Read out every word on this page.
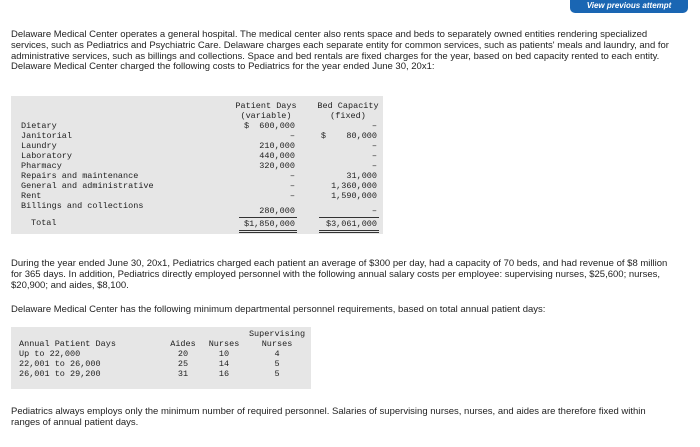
View previous attempt

Delaware Medical Center operates a general hospital. The medical center also rents space and beds to separately owned entities rendering specialized services, such as Pediatrics and Psychiatric Care. Delaware charges each separate entity for common services, such as patients' meals and laundry, and for administrative services, such as billings and collections. Space and bed rentals are fixed charges for the year, based on bed capacity rented to each entity. Delaware Medical Center charged the following costs to Pediatrics for the year ended June 30, 20x1:

Patient Days
(variable)
Bed Capacity
(fixed)
Dietary	$  600,000	–
Janitorial	–	$    80,000
Laundry	210,000	–
Laboratory	440,000	–
Pharmacy	320,000	–
Repairs and maintenance	–	31,000
General and administrative	–	1,360,000
Rent	–	1,590,000
Billings and collections	280,000	–
Total	$1,850,000	$3,061,000

During the year ended June 30, 20x1, Pediatrics charged each patient an average of $300 per day, had a capacity of 70 beds, and had revenue of $8 million for 365 days. In addition, Pediatrics directly employed personnel with the following annual salary costs per employee: supervising nurses, $25,600; nurses, $20,900; and aides, $8,100.

Delaware Medical Center has the following minimum departmental personnel requirements, based on total annual patient days:

Supervising
Annual Patient Days	Aides	Nurses	Nurses
Up to 22,000	20	10	4
22,001 to 26,000	25	14	5
26,001 to 29,200	31	16	5

Pediatrics always employs only the minimum number of required personnel. Salaries of supervising nurses, nurses, and aides are therefore fixed within ranges of annual patient days.
